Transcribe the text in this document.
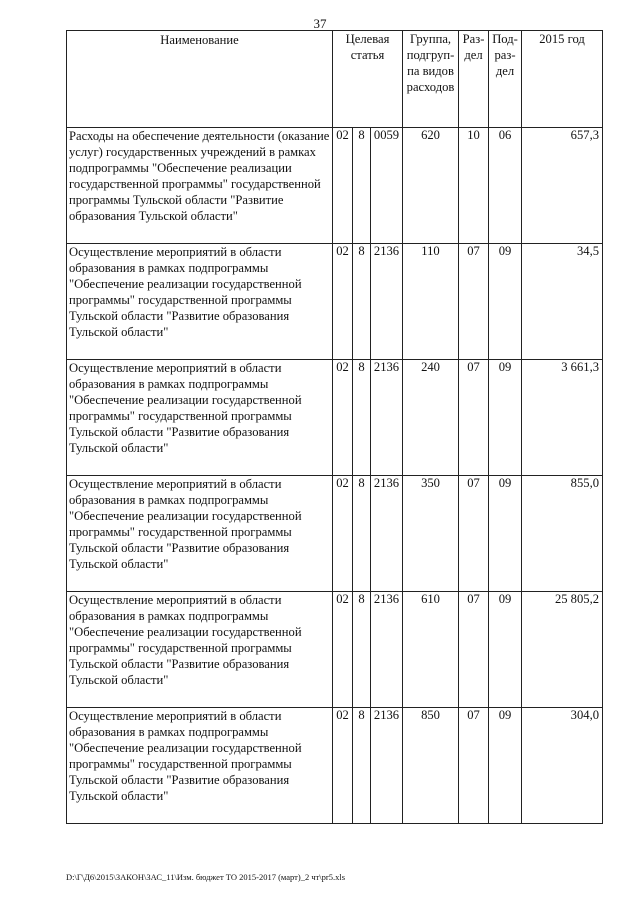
37
Наименование	Целевая статья			Группа, подгруп-па видов расходов	Раз-дел	Под-раз-дел	2015 год
Расходы на обеспечение деятельности (оказание услуг) государственных учреждений в рамках подпрограммы "Обеспечение реализации государственной программы" государственной программы Тульской области "Развитие образования Тульской области"	02	8	0059	620	10	06	657,3
Осуществление мероприятий в области образования в рамках подпрограммы "Обеспечение реализации государственной программы" государственной программы Тульской области "Развитие образования Тульской области"	02	8	2136	110	07	09	34,5
Осуществление мероприятий в области образования в рамках подпрограммы "Обеспечение реализации государственной программы" государственной программы Тульской области "Развитие образования Тульской области"	02	8	2136	240	07	09	3 661,3
Осуществление мероприятий в области образования в рамках подпрограммы "Обеспечение реализации государственной программы" государственной программы Тульской области "Развитие образования Тульской области"	02	8	2136	350	07	09	855,0
Осуществление мероприятий в области образования в рамках подпрограммы "Обеспечение реализации государственной программы" государственной программы Тульской области "Развитие образования Тульской области"	02	8	2136	610	07	09	25 805,2
Осуществление мероприятий в области образования в рамках подпрограммы "Обеспечение реализации государственной программы" государственной программы Тульской области "Развитие образования Тульской области"	02	8	2136	850	07	09	304,0
D:\Г\Д6\2015\ЗАКОН\ЗАС_11\Изм. бюджет ТО 2015-2017 (март)_2 чт\pr5.xls
